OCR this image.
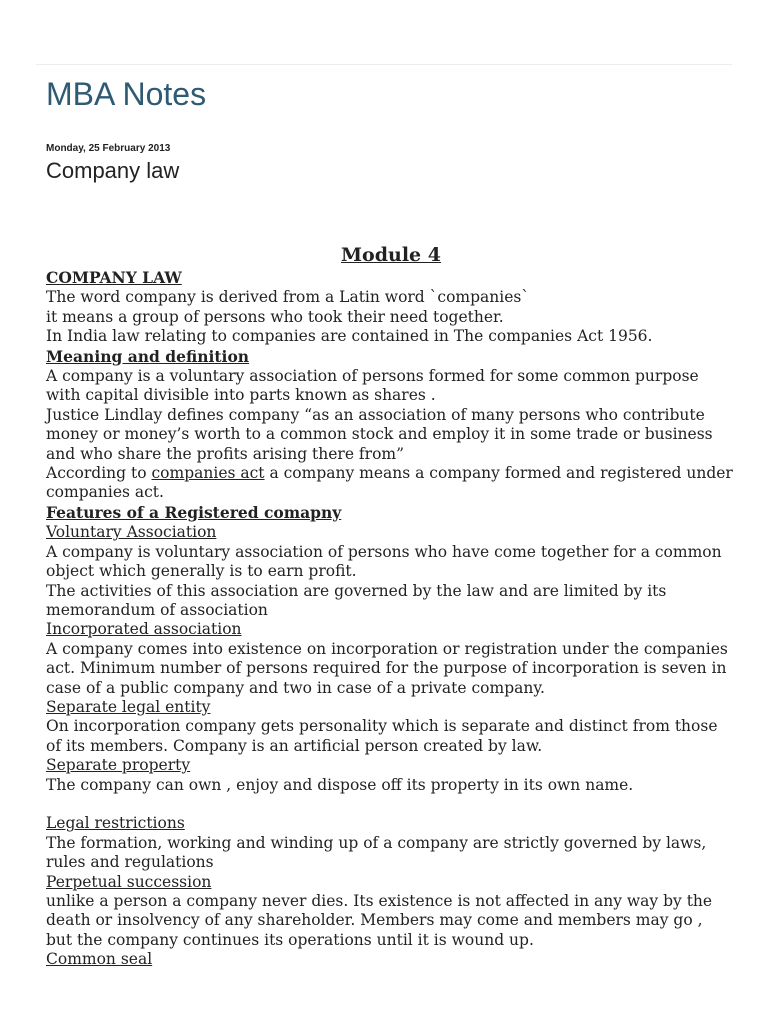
MBA Notes
Monday, 25 February 2013
Company law

Module 4

COMPANY LAW

The word company is derived from a Latin word `companies`

it means a group of persons who took their need together.

In India law relating to companies are contained in The companies Act 1956.

Meaning and definition

A company is a voluntary association of persons formed for some common purpose

with capital divisible into parts known as shares .

Justice Lindlay defines company “as an association of many persons who contribute

money or money’s worth to a common stock and employ it in some trade or business

and who share the profits arising there from”

According to companies act a company means a company formed and registered under

companies act.

Features of a Registered comapny

Voluntary Association

A company is voluntary association of persons who have come together for a common

object which generally is to earn profit.

The activities of this association are governed by the law and are limited by its

memorandum of association

Incorporated association

A company comes into existence on incorporation or registration under the companies

act. Minimum number of persons required for the purpose of incorporation is seven in

case of a public company and two in case of a private company.

Separate legal entity

On incorporation company gets personality which is separate and distinct from those

of its members. Company is an artificial person created by law.

Separate property

The company can own , enjoy and dispose off its property in its own name.

Legal restrictions

The formation, working and winding up of a company are strictly governed by laws,

rules and regulations

Perpetual succession

unlike a person a company never dies. Its existence is not affected in any way by the

death or insolvency of any shareholder. Members may come and members may go ,

but the company continues its operations until it is wound up.

Common seal
